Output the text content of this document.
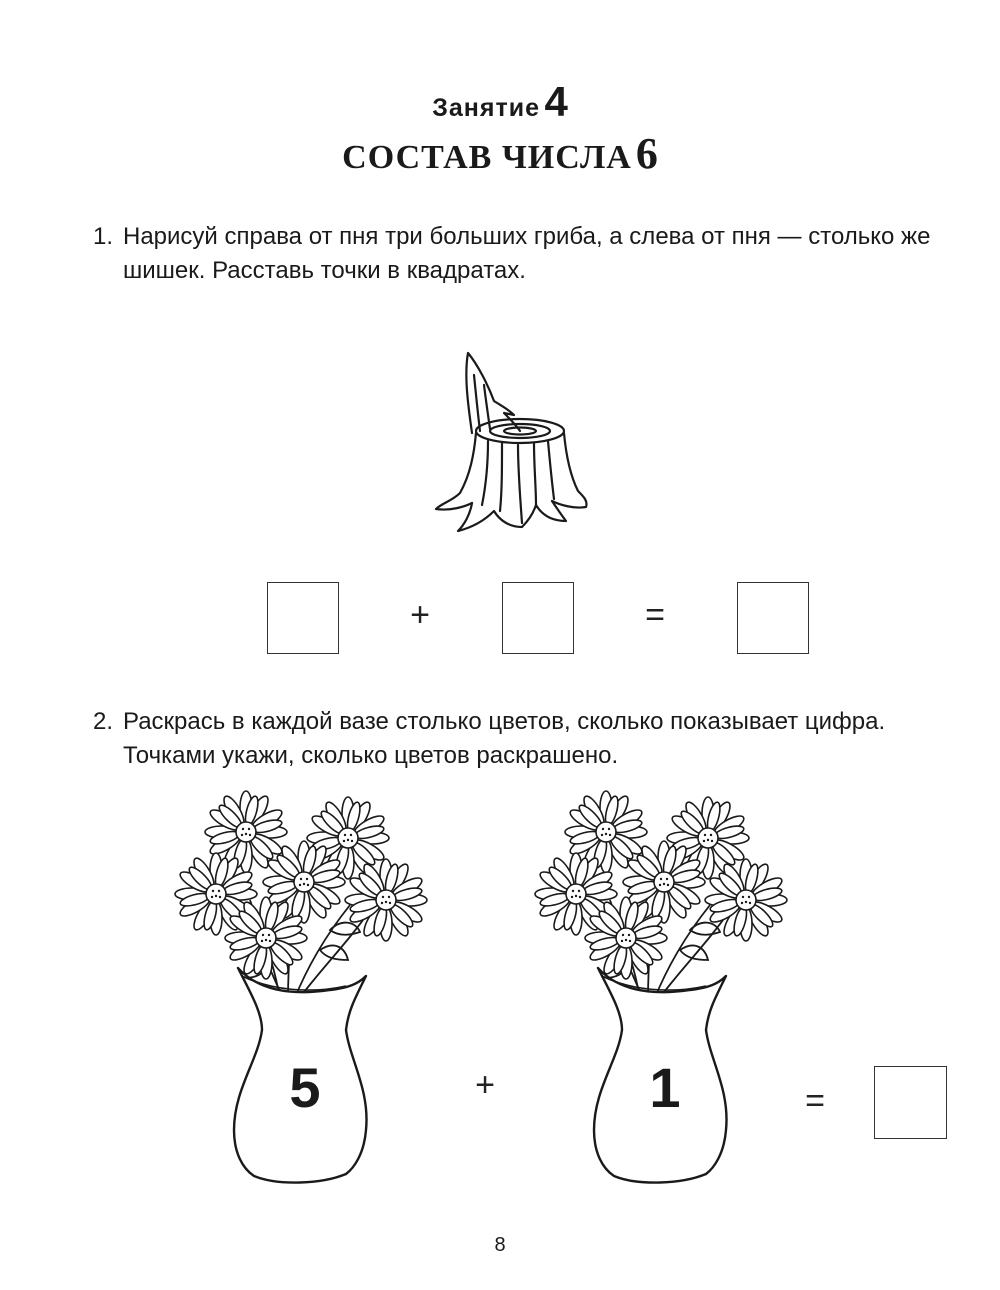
Занятие 4
СОСТАВ ЧИСЛА 6
1. Нарисуй справа от пня три больших гриба, а слева от пня — столько же
шишек. Расставь точки в квадратах.
+	=
2. Раскрась в каждой вазе столько цветов, сколько показывает цифра.
Точками укажи, сколько цветов раскрашено.
5	+	1	=
8
